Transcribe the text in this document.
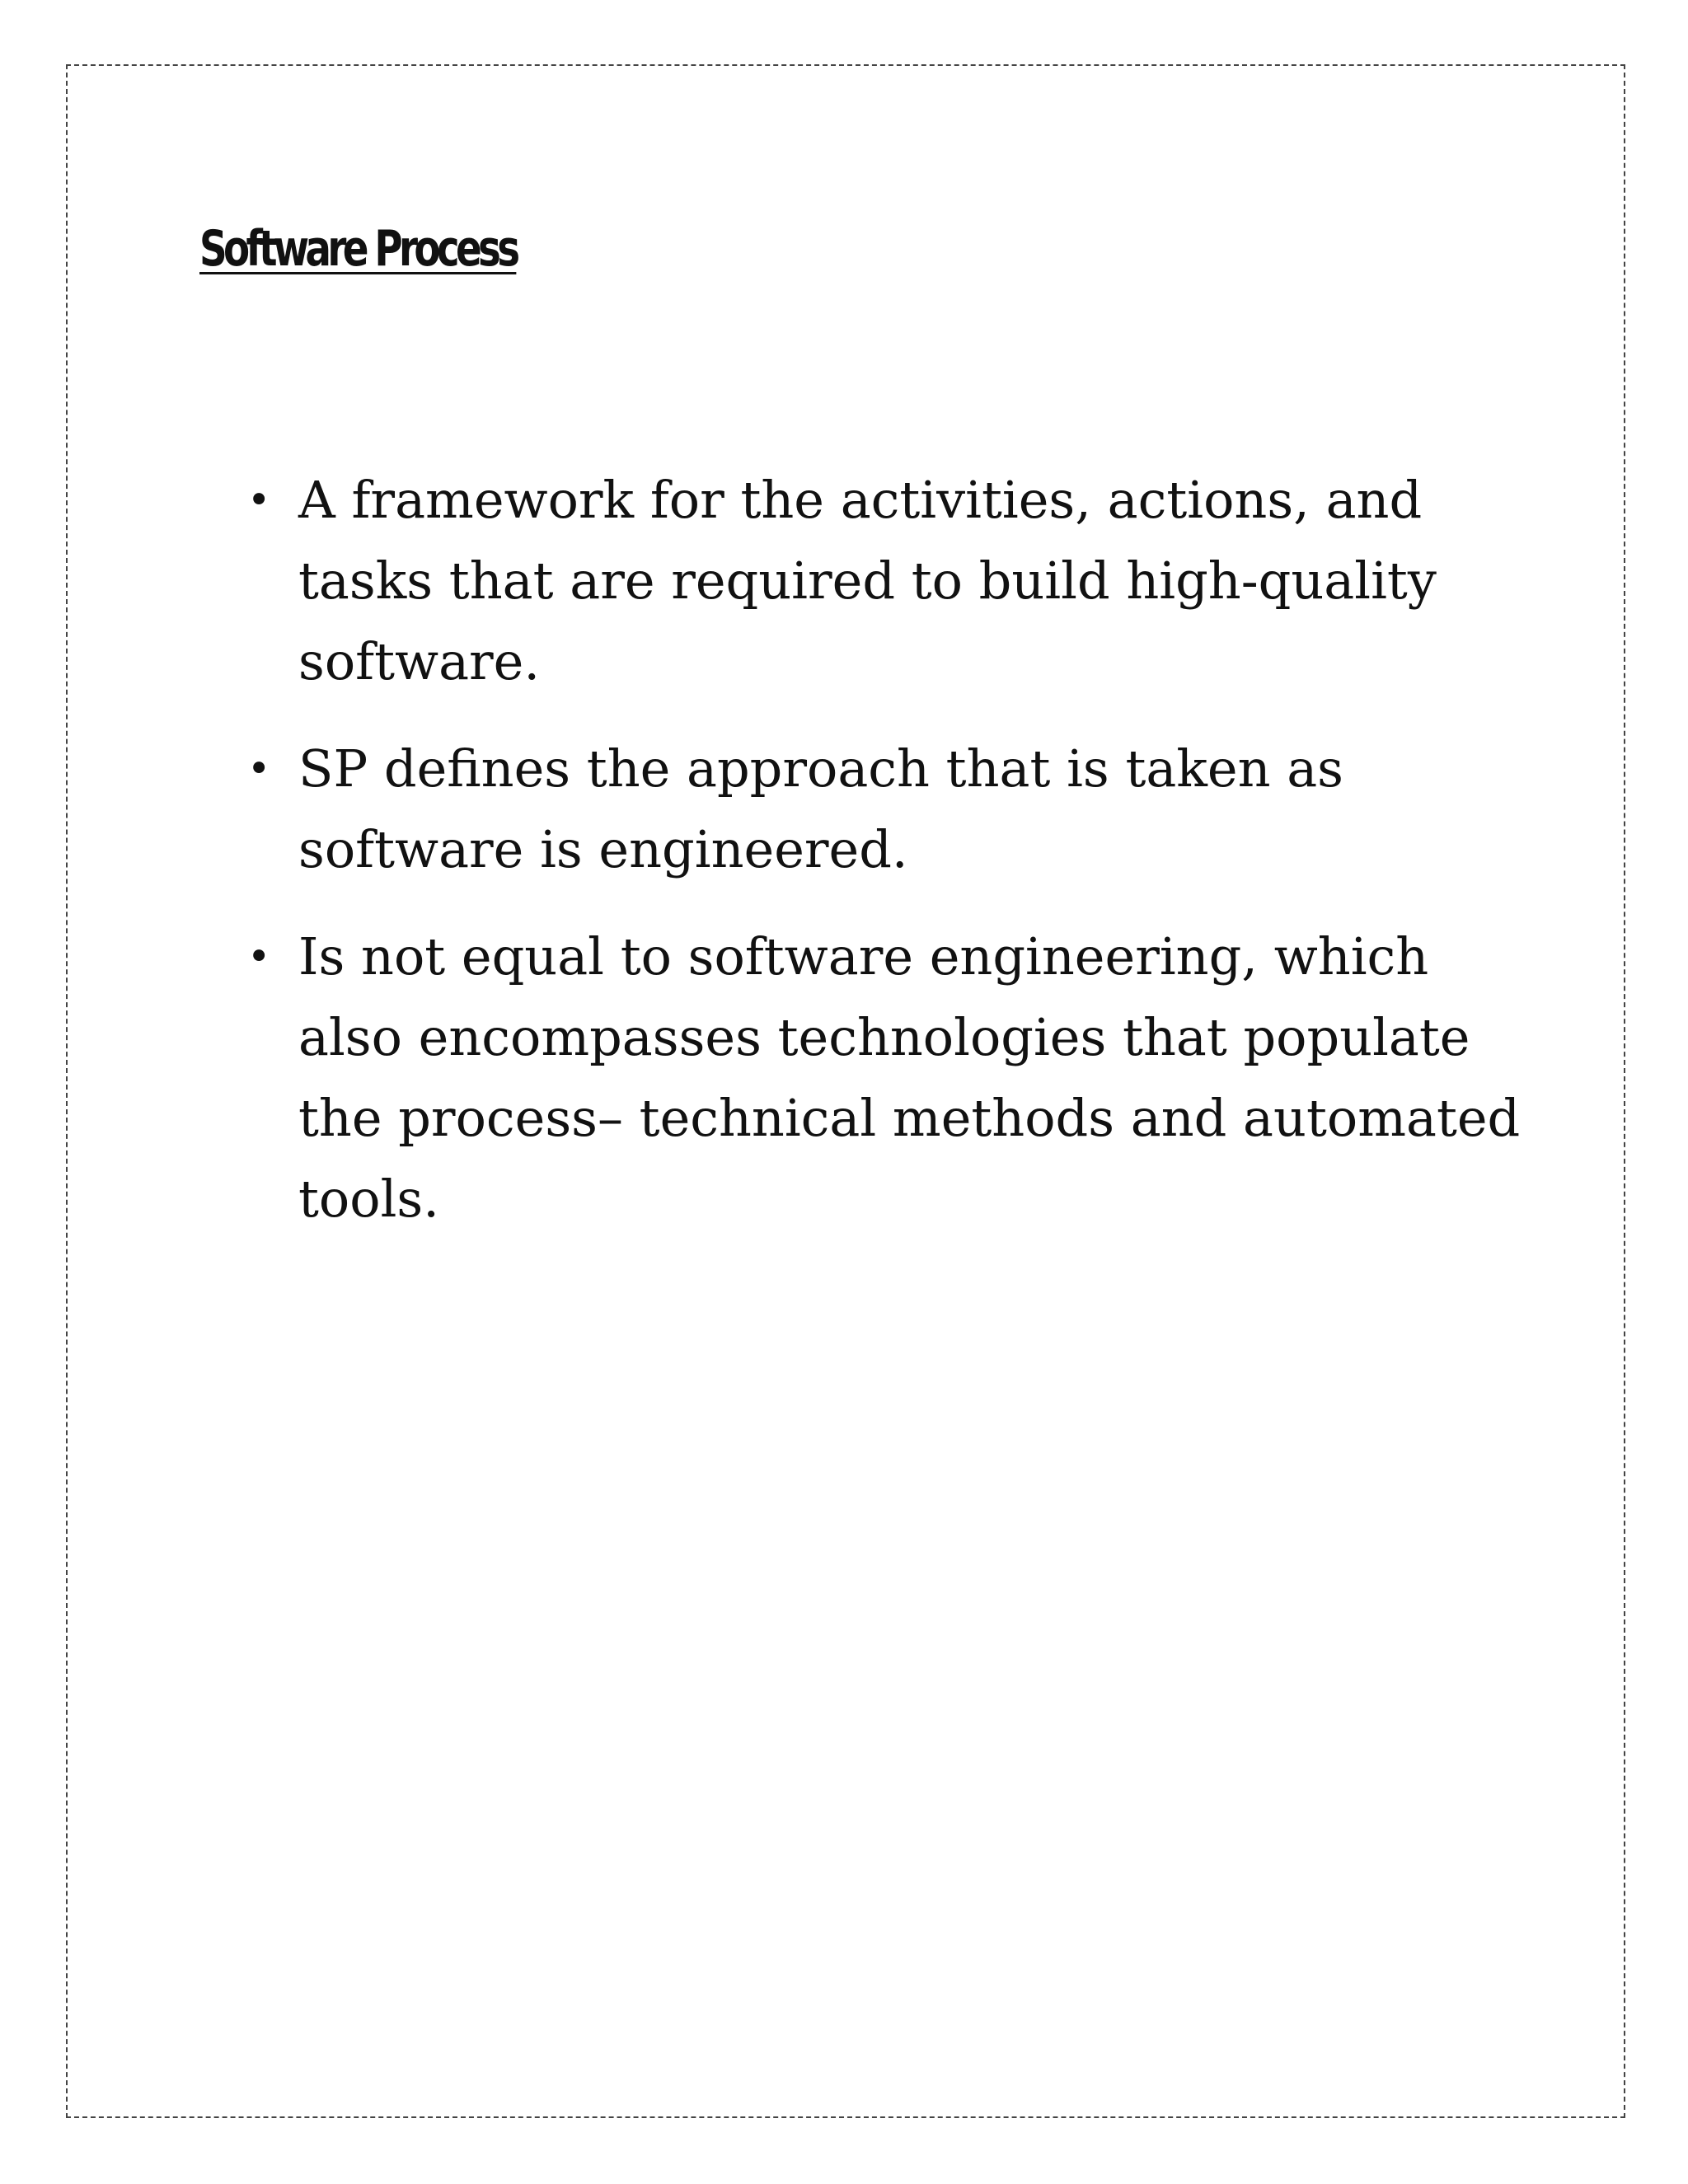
Software Process
• A framework for the activities, actions, and tasks that are required to build high-quality software.
• SP defines the approach that is taken as software is engineered.
• Is not equal to software engineering, which also encompasses technologies that populate the process– technical methods and automated tools.
